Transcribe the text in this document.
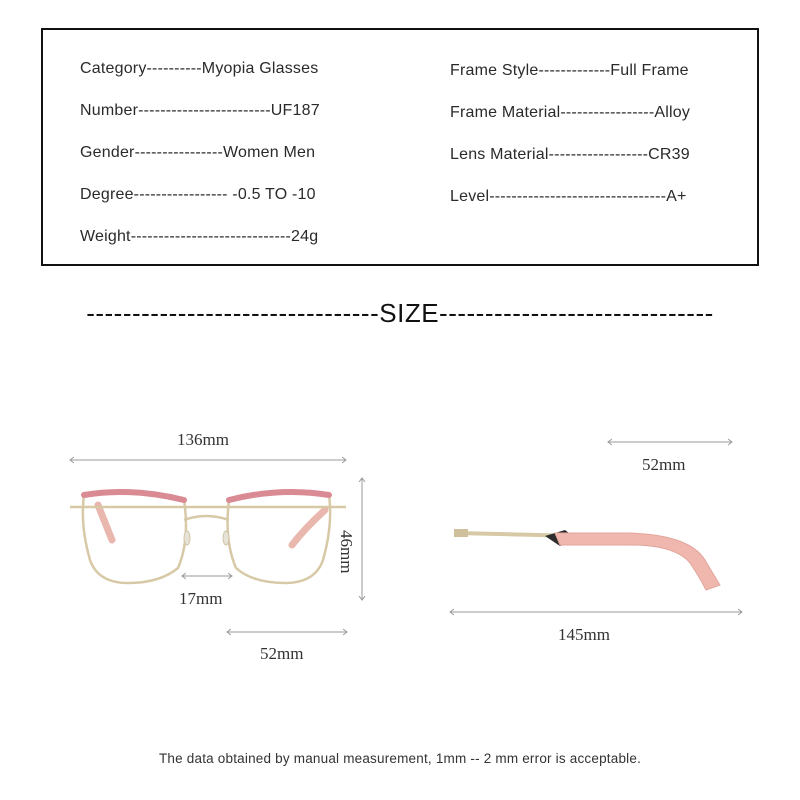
Category----------Myopia Glasses
Number------------------------UF187
Gender----------------Women Men
Degree----------------- -0.5 TO -10
Weight-----------------------------24g
Frame Style-------------Full Frame
Frame Material-----------------Alloy
Lens Material------------------CR39
Level--------------------------------A+
--------------------------------SIZE------------------------------
136mm
46mm
17mm
52mm
52mm
145mm
The data obtained by manual measurement, 1mm -- 2 mm error is acceptable.
